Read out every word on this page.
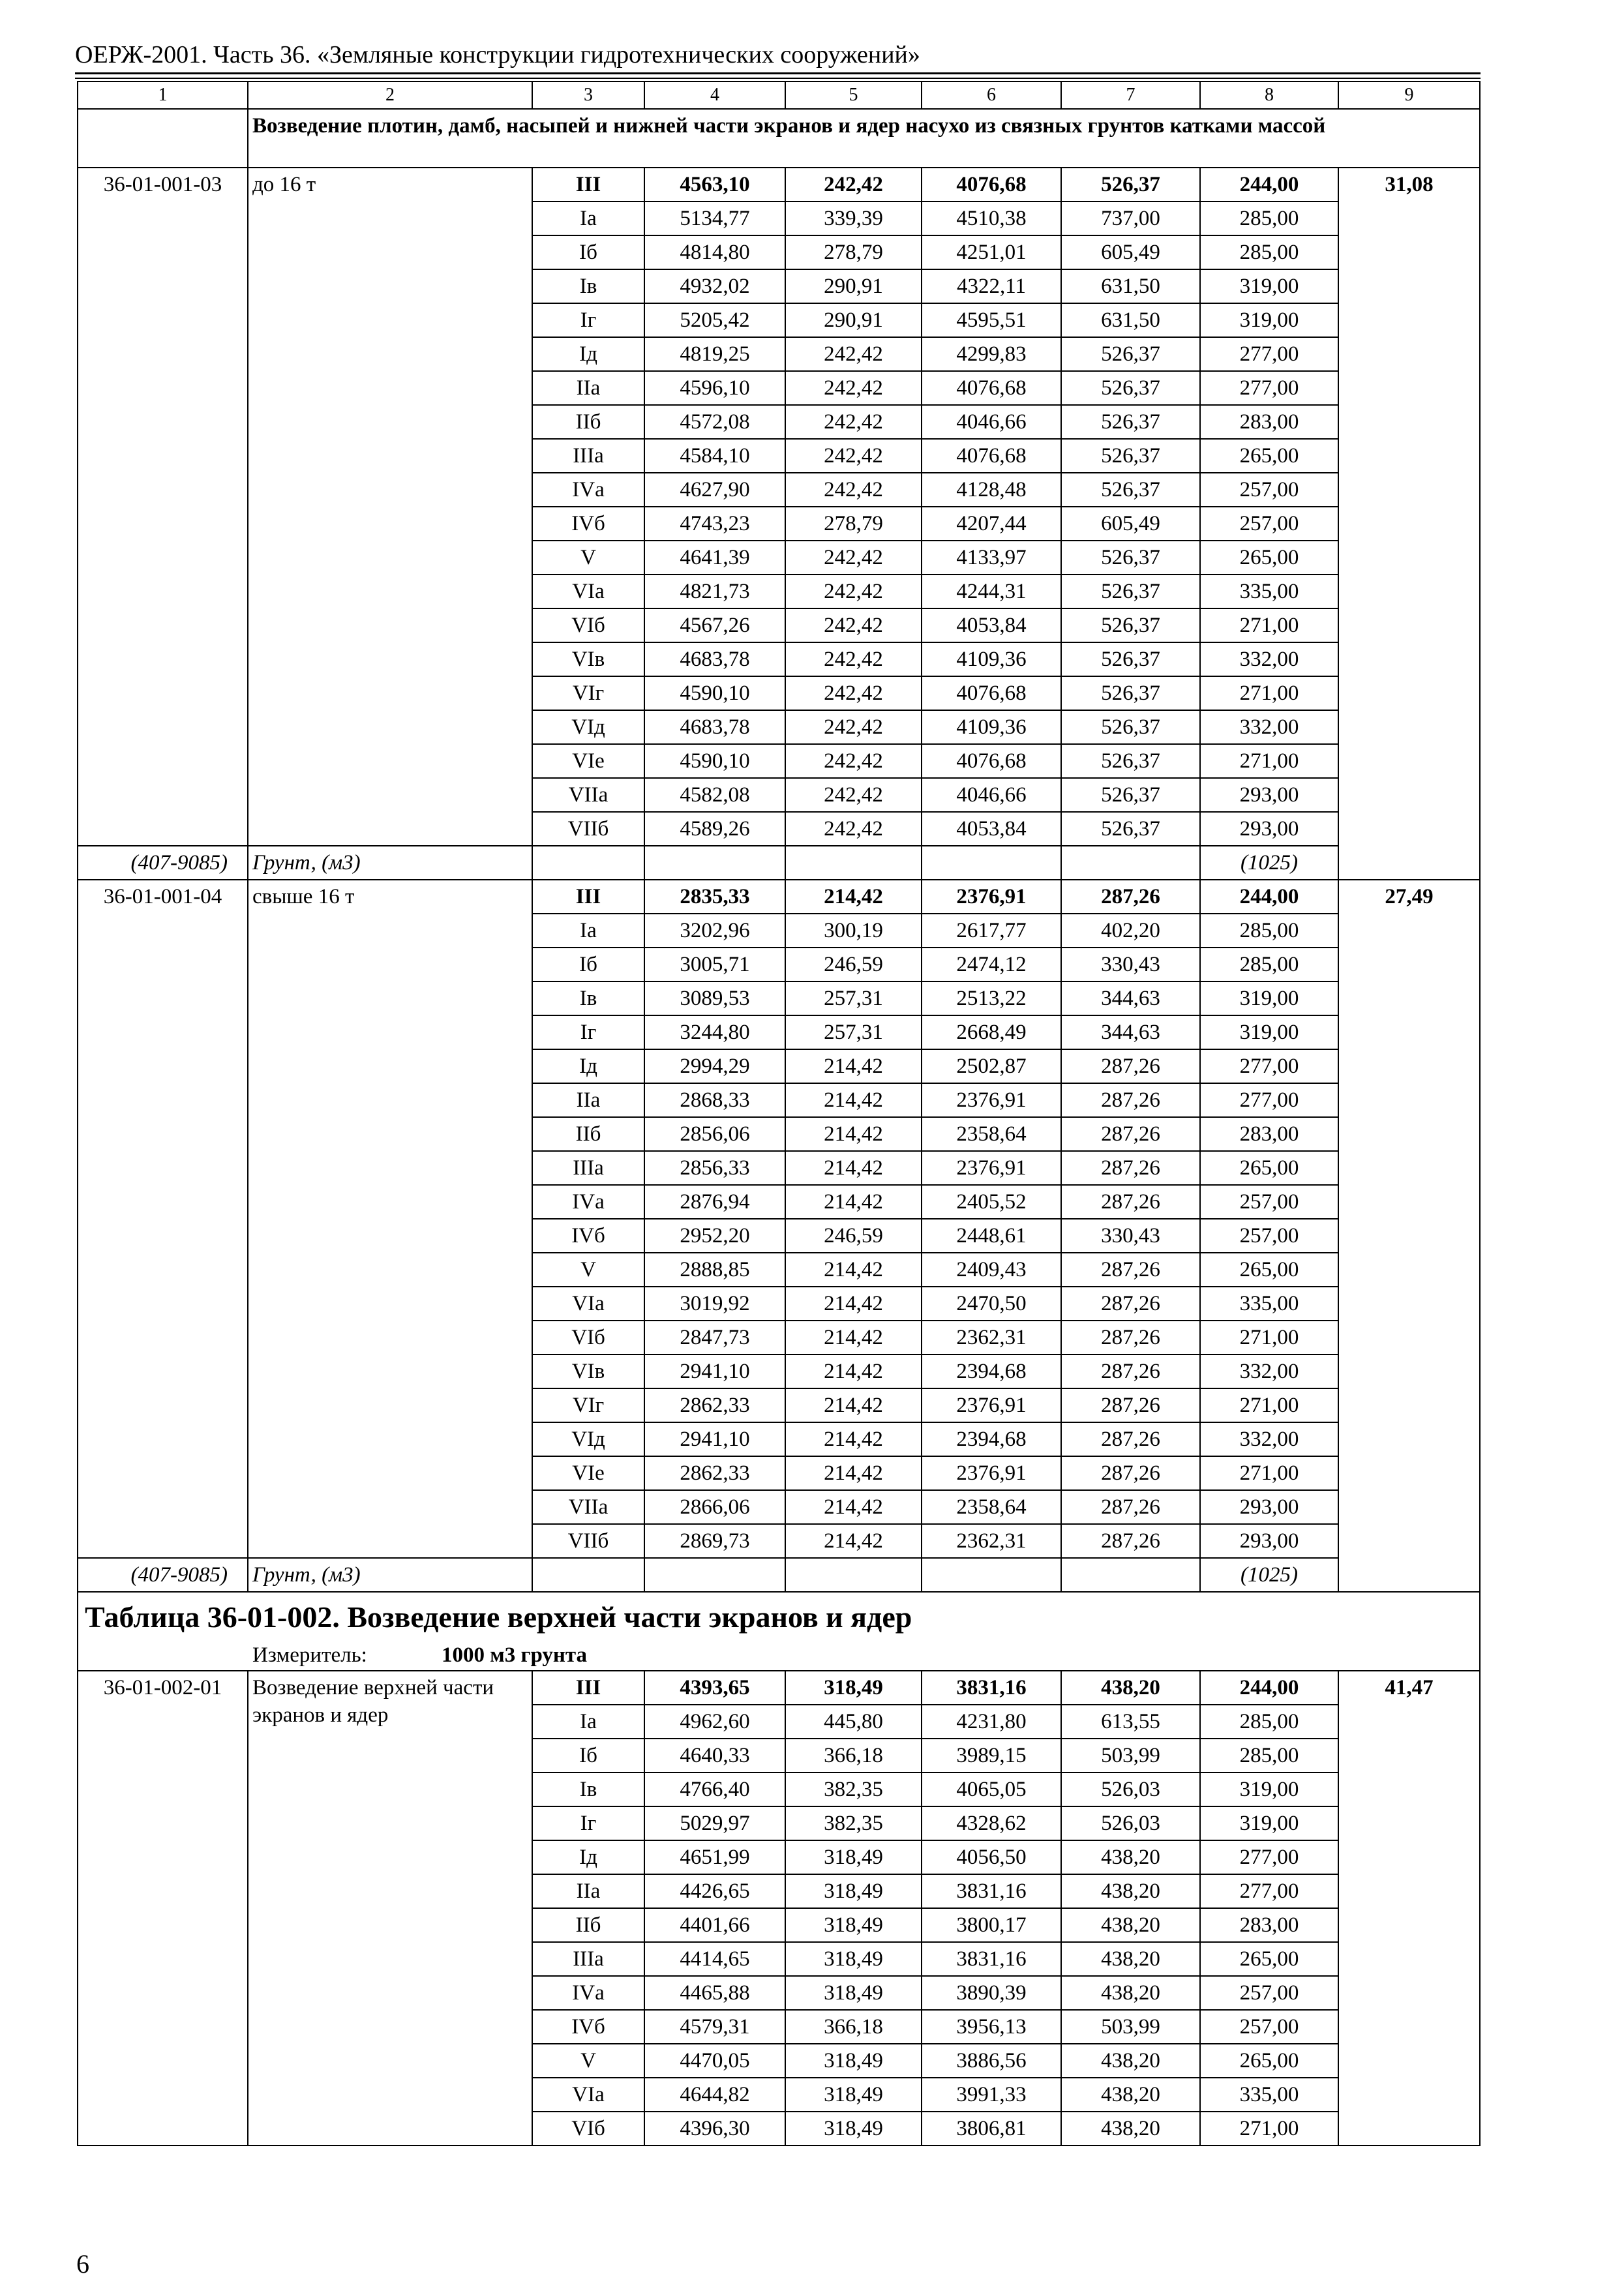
ОЕРЖ-2001. Часть 36. «Земляные конструкции гидротехнических сооружений»
1	2	3	4	5	6	7	8	9
	Возведение плотин, дамб, насыпей и нижней части экранов и ядер насухо из связных грунтов катками массой							
36-01-001-03	до 16 т	III	4563,10	242,42	4076,68	526,37	244,00	31,08
		Iа	5134,77	339,39	4510,38	737,00	285,00	
		Iб	4814,80	278,79	4251,01	605,49	285,00	
		Iв	4932,02	290,91	4322,11	631,50	319,00	
		Iг	5205,42	290,91	4595,51	631,50	319,00	
		Iд	4819,25	242,42	4299,83	526,37	277,00	
		IIа	4596,10	242,42	4076,68	526,37	277,00	
		IIб	4572,08	242,42	4046,66	526,37	283,00	
		IIIа	4584,10	242,42	4076,68	526,37	265,00	
		IVа	4627,90	242,42	4128,48	526,37	257,00	
		IVб	4743,23	278,79	4207,44	605,49	257,00	
		V	4641,39	242,42	4133,97	526,37	265,00	
		VIа	4821,73	242,42	4244,31	526,37	335,00	
		VIб	4567,26	242,42	4053,84	526,37	271,00	
		VIв	4683,78	242,42	4109,36	526,37	332,00	
		VIг	4590,10	242,42	4076,68	526,37	271,00	
		VIд	4683,78	242,42	4109,36	526,37	332,00	
		VIе	4590,10	242,42	4076,68	526,37	271,00	
		VIIа	4582,08	242,42	4046,66	526,37	293,00	
		VIIб	4589,26	242,42	4053,84	526,37	293,00	
(407-9085)	Грунт, (м3)						(1025)	
36-01-001-04	свыше 16 т	III	2835,33	214,42	2376,91	287,26	244,00	27,49
		Iа	3202,96	300,19	2617,77	402,20	285,00	
		Iб	3005,71	246,59	2474,12	330,43	285,00	
		Iв	3089,53	257,31	2513,22	344,63	319,00	
		Iг	3244,80	257,31	2668,49	344,63	319,00	
		Iд	2994,29	214,42	2502,87	287,26	277,00	
		IIа	2868,33	214,42	2376,91	287,26	277,00	
		IIб	2856,06	214,42	2358,64	287,26	283,00	
		IIIа	2856,33	214,42	2376,91	287,26	265,00	
		IVа	2876,94	214,42	2405,52	287,26	257,00	
		IVб	2952,20	246,59	2448,61	330,43	257,00	
		V	2888,85	214,42	2409,43	287,26	265,00	
		VIа	3019,92	214,42	2470,50	287,26	335,00	
		VIб	2847,73	214,42	2362,31	287,26	271,00	
		VIв	2941,10	214,42	2394,68	287,26	332,00	
		VIг	2862,33	214,42	2376,91	287,26	271,00	
		VIд	2941,10	214,42	2394,68	287,26	332,00	
		VIе	2862,33	214,42	2376,91	287,26	271,00	
		VIIа	2866,06	214,42	2358,64	287,26	293,00	
		VIIб	2869,73	214,42	2362,31	287,26	293,00	
(407-9085)	Грунт, (м3)						(1025)	
Таблица 36-01-002. Возведение верхней части экранов и ядер								
Измеритель: 1000 м3 грунта								
36-01-002-01	Возведение верхней части экранов и ядер	III	4393,65	318,49	3831,16	438,20	244,00	41,47
		Iа	4962,60	445,80	4231,80	613,55	285,00	
		Iб	4640,33	366,18	3989,15	503,99	285,00	
		Iв	4766,40	382,35	4065,05	526,03	319,00	
		Iг	5029,97	382,35	4328,62	526,03	319,00	
		Iд	4651,99	318,49	4056,50	438,20	277,00	
		IIа	4426,65	318,49	3831,16	438,20	277,00	
		IIб	4401,66	318,49	3800,17	438,20	283,00	
		IIIа	4414,65	318,49	3831,16	438,20	265,00	
		IVа	4465,88	318,49	3890,39	438,20	257,00	
		IVб	4579,31	366,18	3956,13	503,99	257,00	
		V	4470,05	318,49	3886,56	438,20	265,00	
		VIа	4644,82	318,49	3991,33	438,20	335,00	
		VIб	4396,30	318,49	3806,81	438,20	271,00	
6
